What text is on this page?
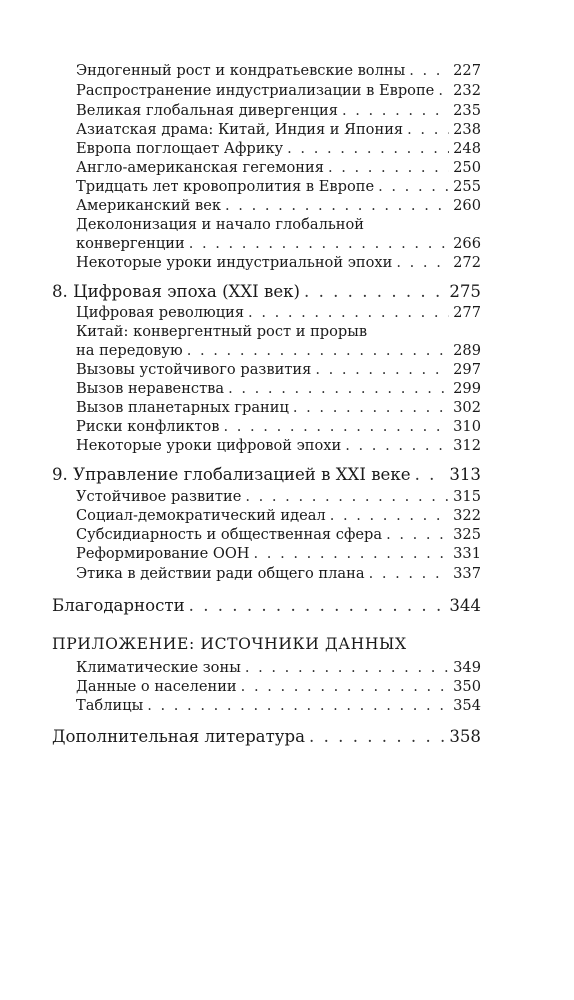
Эндогенный рост и кондратьевские волны . . .	227
Распространение индустриализации в Европе . . . 232
Великая глобальная дивергенция . . .	235
Азиатская драма: Китай, Индия и Япония . . .	238
Европа поглощает Африку . . .	248
Англо-американская гегемония . . .	250
Тридцать лет кровопролития в Европе . . .	255
Американский век . . .	260
Деколонизация и начало глобальной
конвергенции . . .	266
Некоторые уроки индустриальной эпохи . . .	272
8. Цифровая эпоха (XXI век) . . .	275
Цифровая революция . . .	277
Китай: конвергентный рост и прорыв
на передовую . . .	289
Вызовы устойчивого развития . . .	297
Вызов неравенства . . .	299
Вызов планетарных границ . . .	302
Риски конфликтов . . .	310
Некоторые уроки цифровой эпохи . . .	312
9. Управление глобализацией в XXI веке . . . 313
Устойчивое развитие . . .	315
Социал-демократический идеал . . .	322
Субсидиарность и общественная сфера . . .	325
Реформирование ООН . . .	331
Этика в действии ради общего плана . . .	337
Благодарности . . .	344
ПРИЛОЖЕНИЕ: ИСТОЧНИКИ ДАННЫХ
Климатические зоны . . .	349
Данные о населении . . .	350
Таблицы . . .	354
Дополнительная литература . . .	358
